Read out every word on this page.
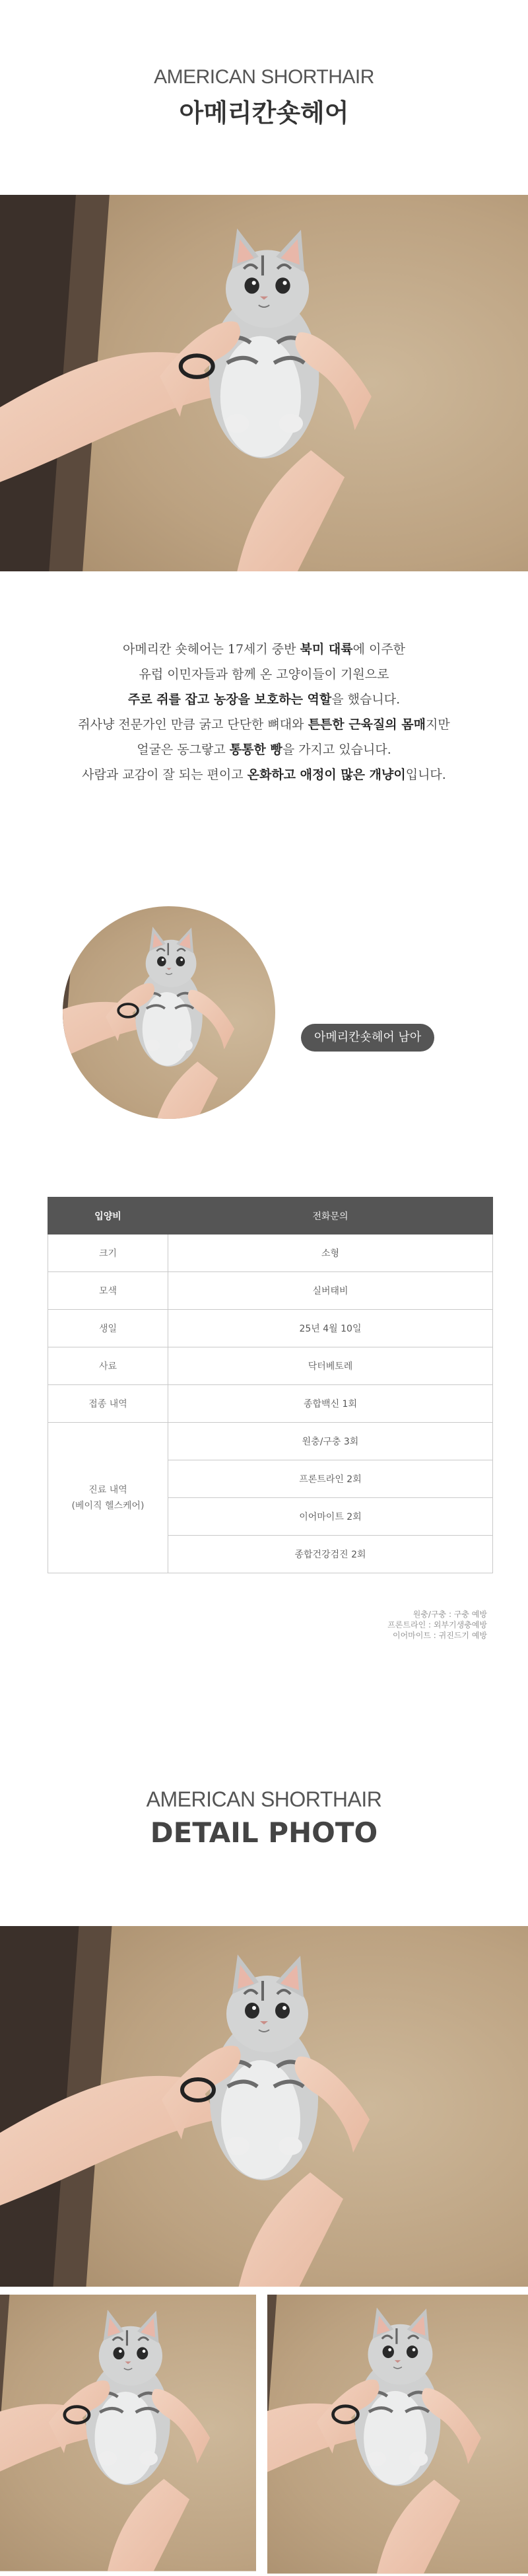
AMERICAN SHORTHAIR
아메리칸숏헤어

아메리칸 숏헤어는 17세기 중반 북미 대륙에 이주한

유럽 이민자들과 함께 온 고양이들이 기원으로

주로 쥐를 잡고 농장을 보호하는 역할을 했습니다.

쥐사냥 전문가인 만큼 굵고 단단한 뼈대와 튼튼한 근육질의 몸매지만

얼굴은 동그랗고 통통한 빵을 가지고 있습니다.

사람과 교감이 잘 되는 편이고 온화하고 애정이 많은 개냥이입니다.

아메리칸숏헤어 남아
입양비	전화문의
크기	소형
모색	실버태비
생일	25년 4월 10일
사료	닥터베토레
접종 내역	종합백신 1회

진료 내역
(베이직 헬스케어)	원충/구충 3회
	프론트라인 2회
	이어마이트 2회
	종합건강검진 2회
원충/구충 : 구충 예방
프론트라인 : 외부기생충예방
이어마이트 : 귀진드기 예방
AMERICAN SHORTHAIR
DETAIL PHOTO
